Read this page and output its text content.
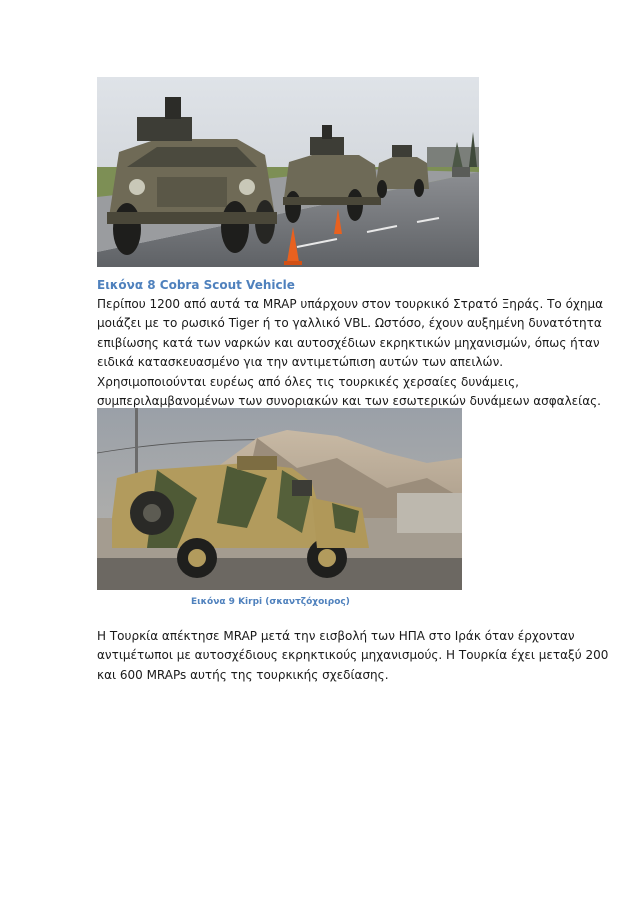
Εικόνα 8 Cobra Scout Vehicle
Περίπου 1200 από αυτά τα MRAP υπάρχουν στον τουρκικό Στρατό Ξηράς. Το όχημα
μοιάζει με το ρωσικό Tiger ή το γαλλικό VBL. Ωστόσο, έχουν αυξημένη δυνατότητα
επιβίωσης κατά των ναρκών και αυτοσχέδιων εκρηκτικών μηχανισμών, όπως ήταν
ειδικά κατασκευασμένο για την αντιμετώπιση αυτών των απειλών.
Χρησιμοποιούνται ευρέως από όλες τις τουρκικές χερσαίες δυνάμεις,
συμπεριλαμβανομένων των συνοριακών και των εσωτερικών δυνάμεων ασφαλείας.
Εικόνα 9 Kirpi (σκαντζόχοιρος)
Η Τουρκία απέκτησε MRAP μετά την εισβολή των ΗΠΑ στο Ιράκ όταν έρχονταν
αντιμέτωποι με αυτοσχέδιους εκρηκτικούς μηχανισμούς. Η Τουρκία έχει μεταξύ 200
και 600 MRAPs αυτής της τουρκικής σχεδίασης.
